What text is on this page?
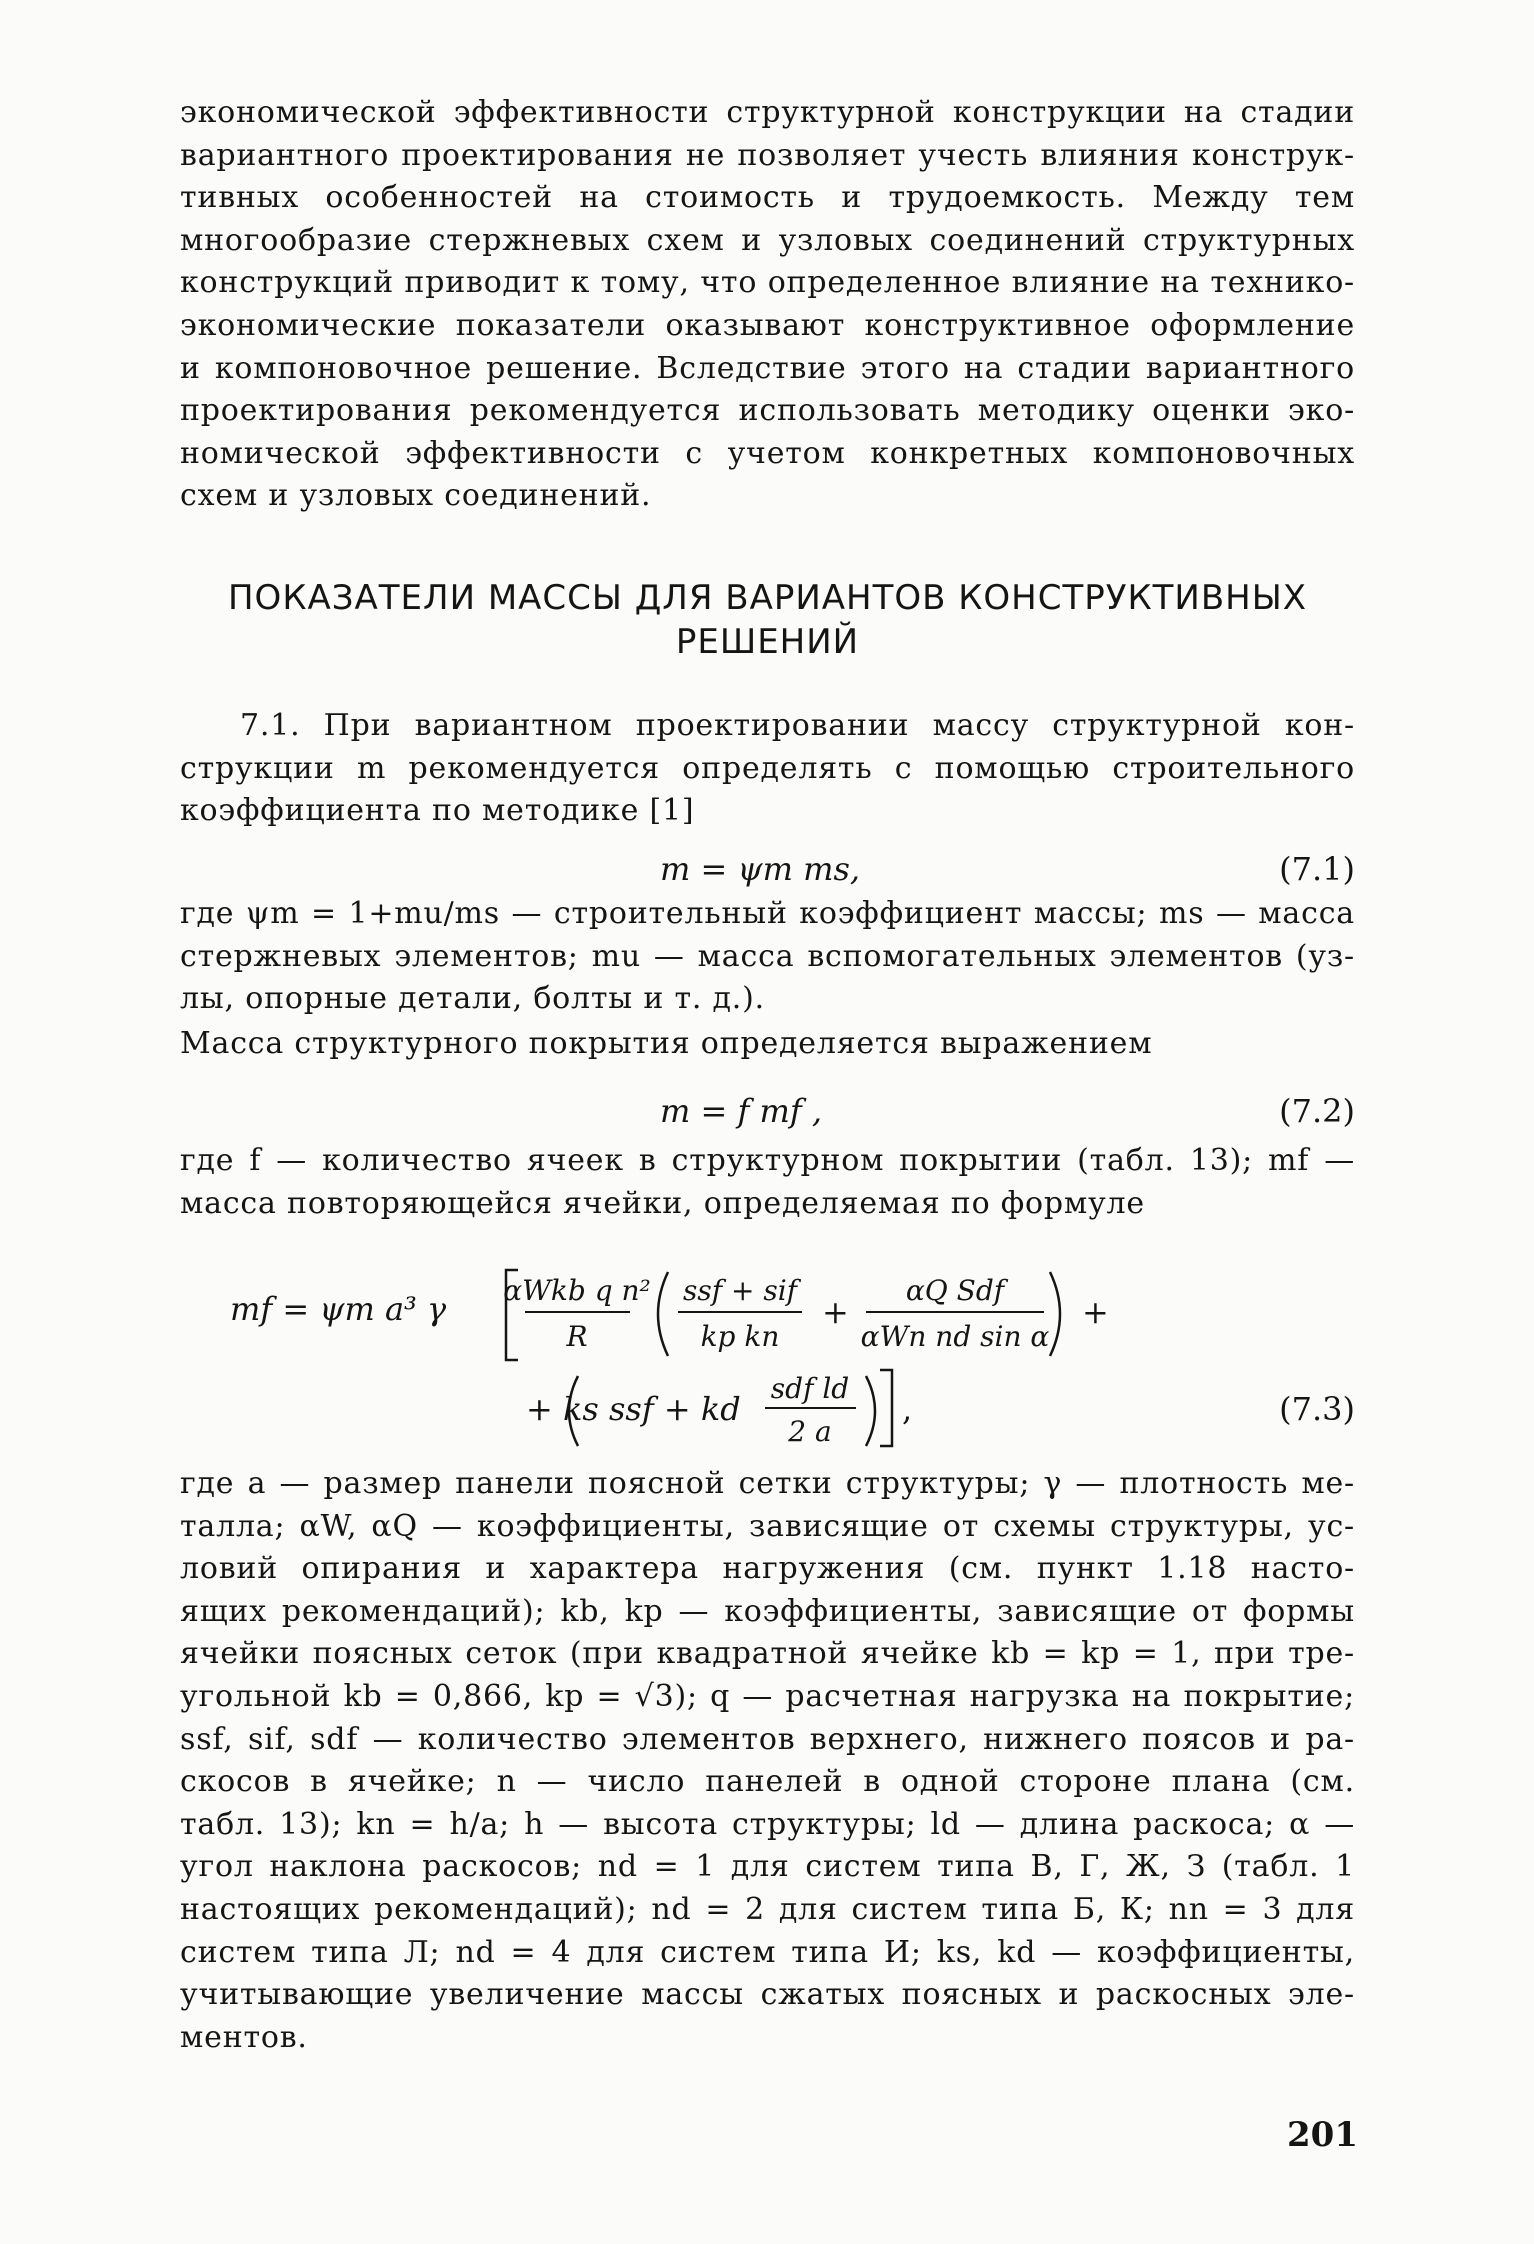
экономической эффективности структурной конструкции на стадии
вариантного проектирования не позволяет учесть влияния конструк-
тивных особенностей на стоимость и трудоемкость. Между тем
многообразие стержневых схем и узловых соединений структурных
конструкций приводит к тому, что определенное влияние на технико-
экономические показатели оказывают конструктивное оформление
и компоновочное решение. Вследствие этого на стадии вариантного
проектирования рекомендуется использовать методику оценки эко-
номической эффективности с учетом конкретных компоновочных
схем и узловых соединений.

ПОКАЗАТЕЛИ МАССЫ ДЛЯ ВАРИАНТОВ КОНСТРУКТИВНЫХ
РЕШЕНИЙ

7.1. При вариантном проектировании массу структурной кон-
струкции m рекомендуется определять с помощью строительного
коэффициента по методике [1]

m = ψm ms,	(7.1)

где ψm = 1+mu/ms — строительный коэффициент массы; ms — масса
стержневых элементов; mu — масса вспомогательных элементов (уз-
лы, опорные детали, болты и т. д.).

Масса структурного покрытия определяется выражением

m = f mf ,	(7.2)

где f — количество ячеек в структурном покрытии (табл. 13); mf —
масса повторяющейся ячейки, определяемая по формуле

mf = ψm a³ γ αWkb q n²
R
ssf + sif
kp kn
+
αQ Sdf
αWn nd sin α
+
+ ks ssf + kd
sdf ld
2 a
,	(7.3)

где a — размер панели поясной сетки структуры; γ — плотность ме-
талла; αW, αQ — коэффициенты, зависящие от схемы структуры, ус-
ловий опирания и характера нагружения (см. пункт 1.18 насто-
ящих рекомендаций); kb, kp — коэффициенты, зависящие от формы
ячейки поясных сеток (при квадратной ячейке kb = kp = 1, при тре-
угольной kb = 0,866, kp = √3); q — расчетная нагрузка на покрытие;
ssf, sif, sdf — количество элементов верхнего, нижнего поясов и ра-
скосов в ячейке; n — число панелей в одной стороне плана (см.
табл. 13); kn = h/a; h — высота структуры; ld — длина раскоса; α —
угол наклона раскосов; nd = 1 для систем типа В, Г, Ж, З (табл. 1
настоящих рекомендаций); nd = 2 для систем типа Б, К; nn = 3 для
систем типа Л; nd = 4 для систем типа И; ks, kd — коэффициенты,
учитывающие увеличение массы сжатых поясных и раскосных эле-
ментов.

201
